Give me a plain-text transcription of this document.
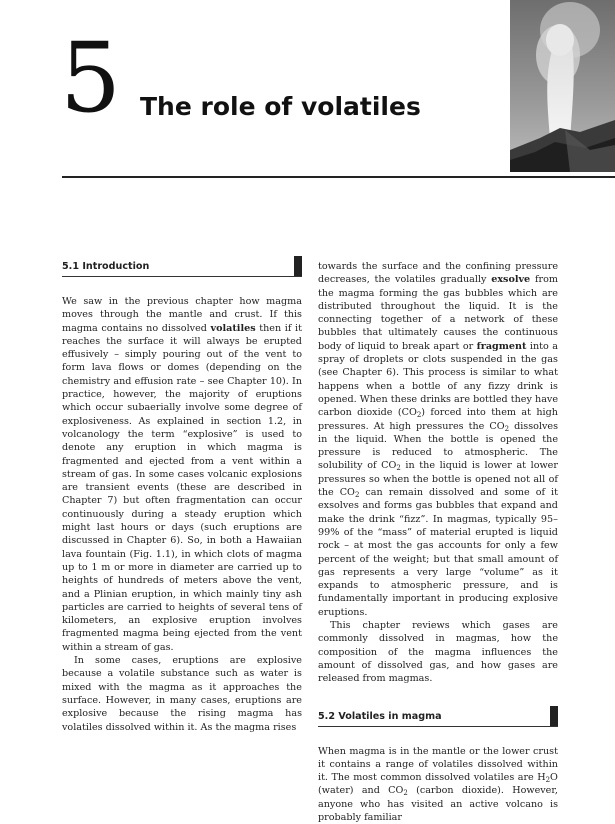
5 The role of volatiles
5.1 Introduction

We saw in the previous chapter how magma moves through the mantle and crust. If this magma contains no dissolved volatiles then if it reaches the surface it will always be erupted effusively – simply pouring out of the vent to form lava flows or domes (depending on the chemistry and effusion rate – see Chapter 10). In practice, however, the majority of eruptions which occur subaerially involve some degree of explosiveness. As explained in section 1.2, in volcanology the term “explosive” is used to denote any eruption in which magma is fragmented and ejected from a vent within a stream of gas. In some cases volcanic explosions are transient events (these are described in Chapter 7) but often fragmentation can occur continuously during a steady eruption which might last hours or days (such eruptions are discussed in Chapter 6). So, in both a Hawaiian lava fountain (Fig. 1.1), in which clots of magma up to 1 m or more in diameter are carried up to heights of hundreds of meters above the vent, and a Plinian eruption, in which mainly tiny ash particles are carried to heights of several tens of kilometers, an explosive eruption involves fragmented magma being ejected from the vent within a stream of gas.

In some cases, eruptions are explosive because a volatile substance such as water is mixed with the magma as it approaches the surface. However, in many cases, eruptions are explosive because the rising magma has volatiles dissolved within it. As the magma rises

towards the surface and the confining pressure decreases, the volatiles gradually exsolve from the magma forming the gas bubbles which are distributed throughout the liquid. It is the connecting together of a network of these bubbles that ultimately causes the continuous body of liquid to break apart or fragment into a spray of droplets or clots suspended in the gas (see Chapter 6). This process is similar to what happens when a bottle of any fizzy drink is opened. When these drinks are bottled they have carbon dioxide $(CO_2)$ forced into them at high pressures. At high pressures the $CO_2$ dissolves in the liquid. When the bottle is opened the pressure is reduced to atmospheric. The solubility of $CO_2$ in the liquid is lower at lower pressures so when the bottle is opened not all of the $CO_2$ can remain dissolved and some of it exsolves and forms gas bubbles that expand and make the drink “fizz”. In magmas, typically 95–99% of the “mass” of material erupted is liquid rock – at most the gas accounts for only a few percent of the weight; but that small amount of gas represents a very large “volume” as it expands to atmospheric pressure, and is fundamentally important in producing explosive eruptions.

This chapter reviews which gases are commonly dissolved in magmas, how the composition of the magma influences the amount of dissolved gas, and how gases are released from magmas.

5.2 Volatiles in magma

When magma is in the mantle or the lower crust it contains a range of volatiles dissolved within it. The most common dissolved volatiles are $H_2O$ (water) and $CO_2$ (carbon dioxide). However, anyone who has visited an active volcano is probably familiar
